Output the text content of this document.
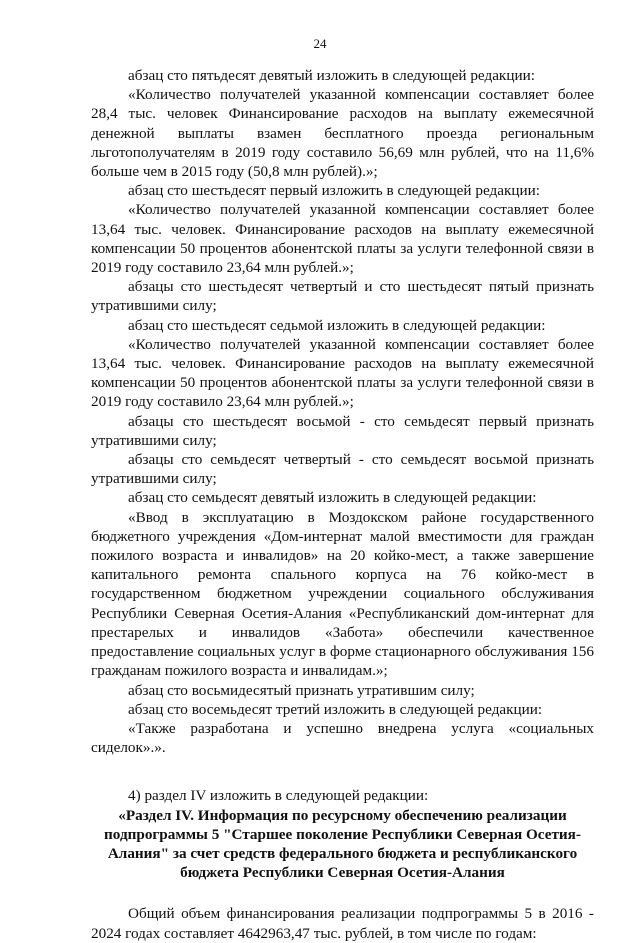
24

абзац сто пятьдесят девятый изложить в следующей редакции:

«Количество получателей указанной компенсации составляет более 28,4 тыс. человек Финансирование расходов на выплату ежемесячной денежной выплаты взамен бесплатного проезда региональным льготополучателям в 2019 году составило 56,69 млн рублей, что на 11,6% больше чем в 2015 году (50,8 млн рублей).»;

абзац сто шестьдесят первый изложить в следующей редакции:

«Количество получателей указанной компенсации составляет более 13,64 тыс. человек. Финансирование расходов на выплату ежемесячной компенсации 50 процентов абонентской платы за услуги телефонной связи в 2019 году составило 23,64 млн рублей.»;

абзацы сто шестьдесят четвертый и сто шестьдесят пятый признать утратившими силу;

абзац сто шестьдесят седьмой изложить в следующей редакции:

«Количество получателей указанной компенсации составляет более 13,64 тыс. человек. Финансирование расходов на выплату ежемесячной компенсации 50 процентов абонентской платы за услуги телефонной связи в 2019 году составило 23,64 млн рублей.»;

абзацы сто шестьдесят восьмой - сто семьдесят первый признать утратившими силу;

абзацы сто семьдесят четвертый - сто семьдесят восьмой признать утратившими силу;

абзац сто семьдесят девятый изложить в следующей редакции:

«Ввод в эксплуатацию в Моздокском районе государственного бюджетного учреждения «Дом-интернат малой вместимости для граждан пожилого возраста и инвалидов» на 20 койко-мест, а также завершение капитального ремонта спального корпуса на 76 койко-мест в государственном бюджетном учреждении социального обслуживания Республики Северная Осетия-Алания «Республиканский дом-интернат для престарелых и инвалидов «Забота» обеспечили качественное предоставление социальных услуг в форме стационарного обслуживания 156 гражданам пожилого возраста и инвалидам.»;

абзац сто восьмидесятый признать утратившим силу;

абзац сто восемьдесят третий изложить в следующей редакции:

«Также разработана и успешно внедрена услуга «социальных сиделок».».

4) раздел IV изложить в следующей редакции:

«Раздел IV. Информация по ресурсному обеспечению реализации
подпрограммы 5 "Старшее поколение Республики Северная Осетия-
Алания" за счет средств федерального бюджета и республиканского
бюджета Республики Северная Осетия-Алания

Общий объем финансирования реализации подпрограммы 5 в 2016 - 2024 годах составляет 4642963,47 тыс. рублей, в том числе по годам:
